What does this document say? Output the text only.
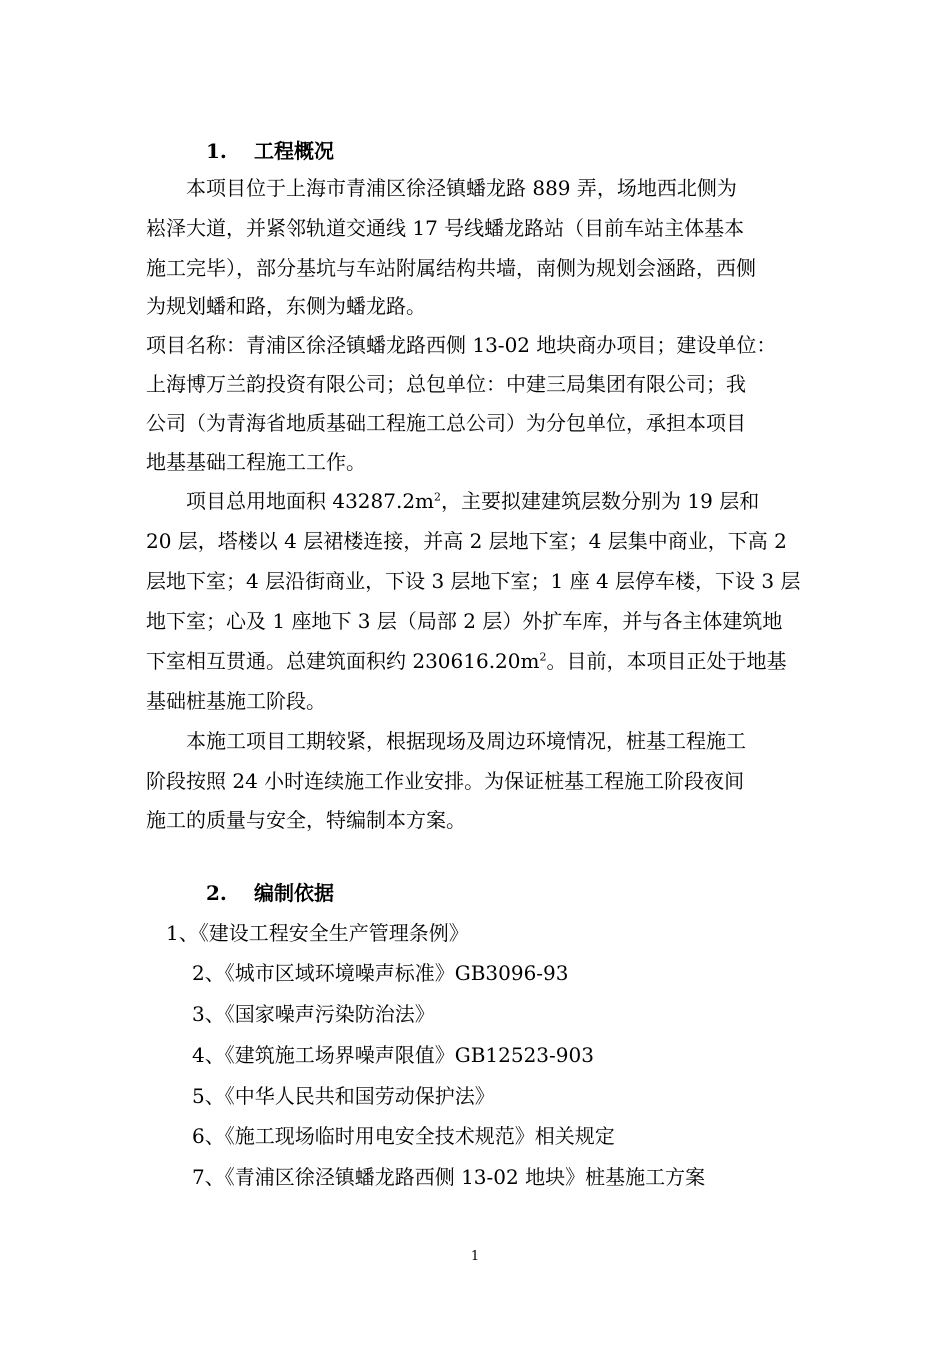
1. 工程概况
本项目位于上海市青浦区徐泾镇蟠龙路 889 弄，场地西北侧为
崧泽大道，并紧邻轨道交通线 17 号线蟠龙路站（目前车站主体基本
施工完毕），部分基坑与车站附属结构共墙，南侧为规划会涵路，西侧
为规划蟠和路，东侧为蟠龙路。
项目名称：青浦区徐泾镇蟠龙路西侧 13-02 地块商办项目；建设单位：
上海博万兰韵投资有限公司；总包单位：中建三局集团有限公司；我
公司（为青海省地质基础工程施工总公司）为分包单位，承担本项目
地基基础工程施工工作。
项目总用地面积 $43287.2m^2$，主要拟建建筑层数分别为 19 层和
20 层，塔楼以 4 层裙楼连接，并高 2 层地下室；4 层集中商业，下高 2
层地下室；4 层沿街商业，下设 3 层地下室；1 座 4 层停车楼，下设 3 层
地下室；心及 1 座地下 3 层（局部 2 层）外扩车库，并与各主体建筑地
下室相互贯通。总建筑面积约 $230616.20m^2$。目前，本项目正处于地基
基础桩基施工阶段。
本施工项目工期较紧，根据现场及周边环境情况，桩基工程施工
阶段按照 24 小时连续施工作业安排。为保证桩基工程施工阶段夜间
施工的质量与安全，特编制本方案。
2. 编制依据
1、《建设工程安全生产管理条例》
2、《城市区域环境噪声标准》GB3096-93
3、《国家噪声污染防治法》
4、《建筑施工场界噪声限值》GB12523-903
5、《中华人民共和国劳动保护法》
6、《施工现场临时用电安全技术规范》相关规定
7、《青浦区徐泾镇蟠龙路西侧 13-02 地块》桩基施工方案
1
